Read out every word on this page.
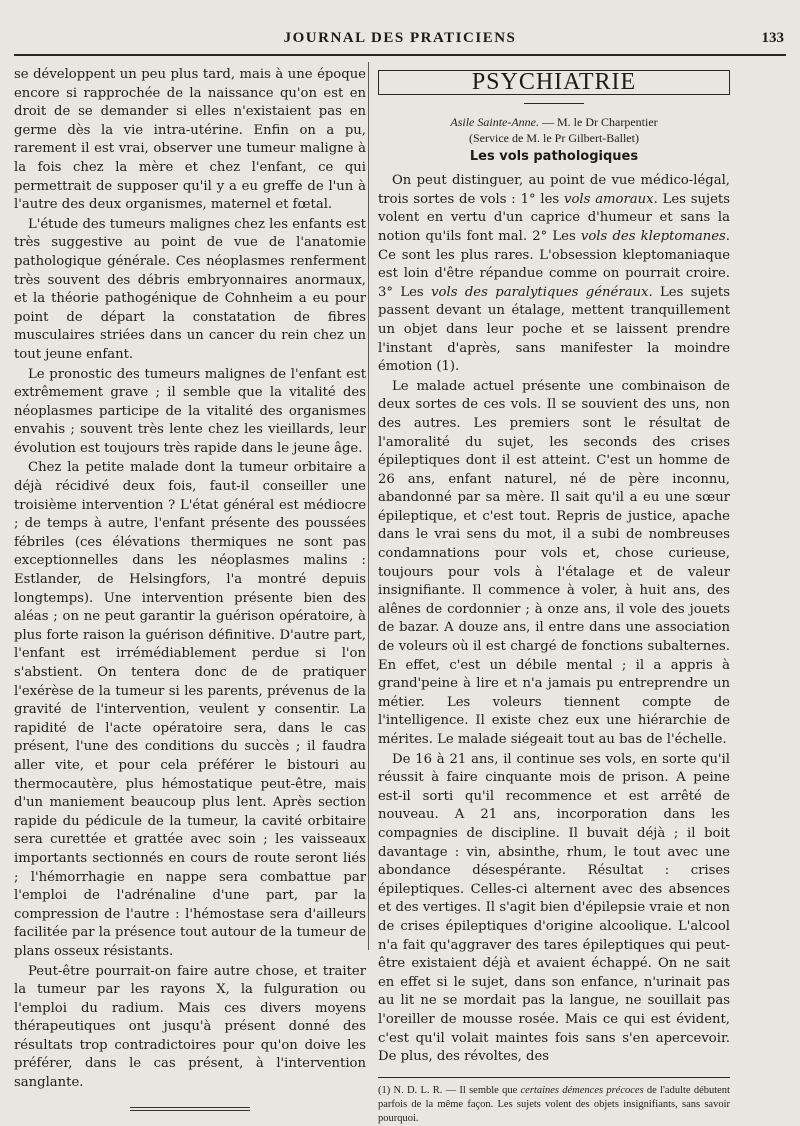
JOURNAL DES PRATICIENS	133

se développent un peu plus tard, mais à une époque encore si rapprochée de la naissance qu'on est en droit de se demander si elles n'existaient pas en germe dès la vie intra-utérine. Enfin on a pu, rarement il est vrai, observer une tumeur maligne à la fois chez la mère et chez l'enfant, ce qui permettrait de supposer qu'il y a eu greffe de l'un à l'autre des deux organismes, maternel et fœtal.

L'étude des tumeurs malignes chez les enfants est très suggestive au point de vue de l'anatomie pathologique générale. Ces néoplasmes renferment très souvent des débris embryonnaires anormaux, et la théorie pathogénique de Cohnheim a eu pour point de départ la constatation de fibres musculaires striées dans un cancer du rein chez un tout jeune enfant.

Le pronostic des tumeurs malignes de l'enfant est extrêmement grave ; il semble que la vitalité des néoplasmes participe de la vitalité des organismes envahis ; souvent très lente chez les vieillards, leur évolution est toujours très rapide dans le jeune âge.

Chez la petite malade dont la tumeur orbitaire a déjà récidivé deux fois, faut-il conseiller une troisième intervention ? L'état général est médiocre ; de temps à autre, l'enfant présente des poussées fébriles (ces élévations thermiques ne sont pas exceptionnelles dans les néoplasmes malins : Estlander, de Helsingfors, l'a montré depuis longtemps). Une intervention présente bien des aléas ; on ne peut garantir la guérison opératoire, à plus forte raison la guérison définitive. D'autre part, l'enfant est irrémédiablement perdue si l'on s'abstient. On tentera donc de de pratiquer l'exérèse de la tumeur si les parents, prévenus de la gravité de l'intervention, veulent y consentir. La rapidité de l'acte opératoire sera, dans le cas présent, l'une des conditions du succès ; il faudra aller vite, et pour cela préférer le bistouri au thermocautère, plus hémostatique peut-être, mais d'un maniement beaucoup plus lent. Après section rapide du pédicule de la tumeur, la cavité orbitaire sera curettée et grattée avec soin ; les vaisseaux importants sectionnés en cours de route seront liés ; l'hémorrhagie en nappe sera combattue par l'emploi de l'adrénaline d'une part, par la compression de l'autre : l'hémostase sera d'ailleurs facilitée par la présence tout autour de la tumeur de plans osseux résistants.

Peut-être pourrait-on faire autre chose, et traiter la tumeur par les rayons X, la fulguration ou l'emploi du radium. Mais ces divers moyens thérapeutiques ont jusqu'à présent donné des résultats trop contradictoires pour qu'on doive les préférer, dans le cas présent, à l'intervention sanglante.

PSYCHIATRIE
Asile Sainte-Anne. — M. le Dr Charpentier
(Service de M. le Pr Gilbert-Ballet)
Les vols pathologiques

On peut distinguer, au point de vue médico-légal, trois sortes de vols : 1° les vols amoraux. Les sujets volent en vertu d'un caprice d'humeur et sans la notion qu'ils font mal. 2° Les vols des kleptomanes. Ce sont les plus rares. L'obsession kleptomaniaque est loin d'être répandue comme on pourrait croire. 3° Les vols des paralytiques généraux. Les sujets passent devant un étalage, mettent tranquillement un objet dans leur poche et se laissent prendre l'instant d'après, sans manifester la moindre émotion (1).

Le malade actuel présente une combinaison de deux sortes de ces vols. Il se souvient des uns, non des autres. Les premiers sont le résultat de l'amoralité du sujet, les seconds des crises épileptiques dont il est atteint. C'est un homme de 26 ans, enfant naturel, né de père inconnu, abandonné par sa mère. Il sait qu'il a eu une sœur épileptique, et c'est tout. Repris de justice, apache dans le vrai sens du mot, il a subi de nombreuses condamnations pour vols et, chose curieuse, toujours pour vols à l'étalage et de valeur insignifiante. Il commence à voler, à huit ans, des alênes de cordonnier ; à onze ans, il vole des jouets de bazar. A douze ans, il entre dans une association de voleurs où il est chargé de fonctions subalternes. En effet, c'est un débile mental ; il a appris à grand'peine à lire et n'a jamais pu entreprendre un métier. Les voleurs tiennent compte de l'intelligence. Il existe chez eux une hiérarchie de mérites. Le malade siégeait tout au bas de l'échelle.

De 16 à 21 ans, il continue ses vols, en sorte qu'il réussit à faire cinquante mois de prison. A peine est-il sorti qu'il recommence et est arrêté de nouveau. A 21 ans, incorporation dans les compagnies de discipline. Il buvait déjà ; il boit davantage : vin, absinthe, rhum, le tout avec une abondance désespérante. Résultat : crises épileptiques. Celles-ci alternent avec des absences et des vertiges. Il s'agit bien d'épilepsie vraie et non de crises épileptiques d'origine alcoolique. L'alcool n'a fait qu'aggraver des tares épileptiques qui peut-être existaient déjà et avaient échappé. On ne sait en effet si le sujet, dans son enfance, n'urinait pas au lit ne se mordait pas la langue, ne souillait pas l'oreiller de mousse rosée. Mais ce qui est évident, c'est qu'il volait maintes fois sans s'en apercevoir. De plus, des révoltes, des

(1) N. D. L. R. — Il semble que certaines démences précoces de l'adulte débutent parfois de la même façon. Les sujets volent des objets insignifiants, sans savoir pourquoi.
